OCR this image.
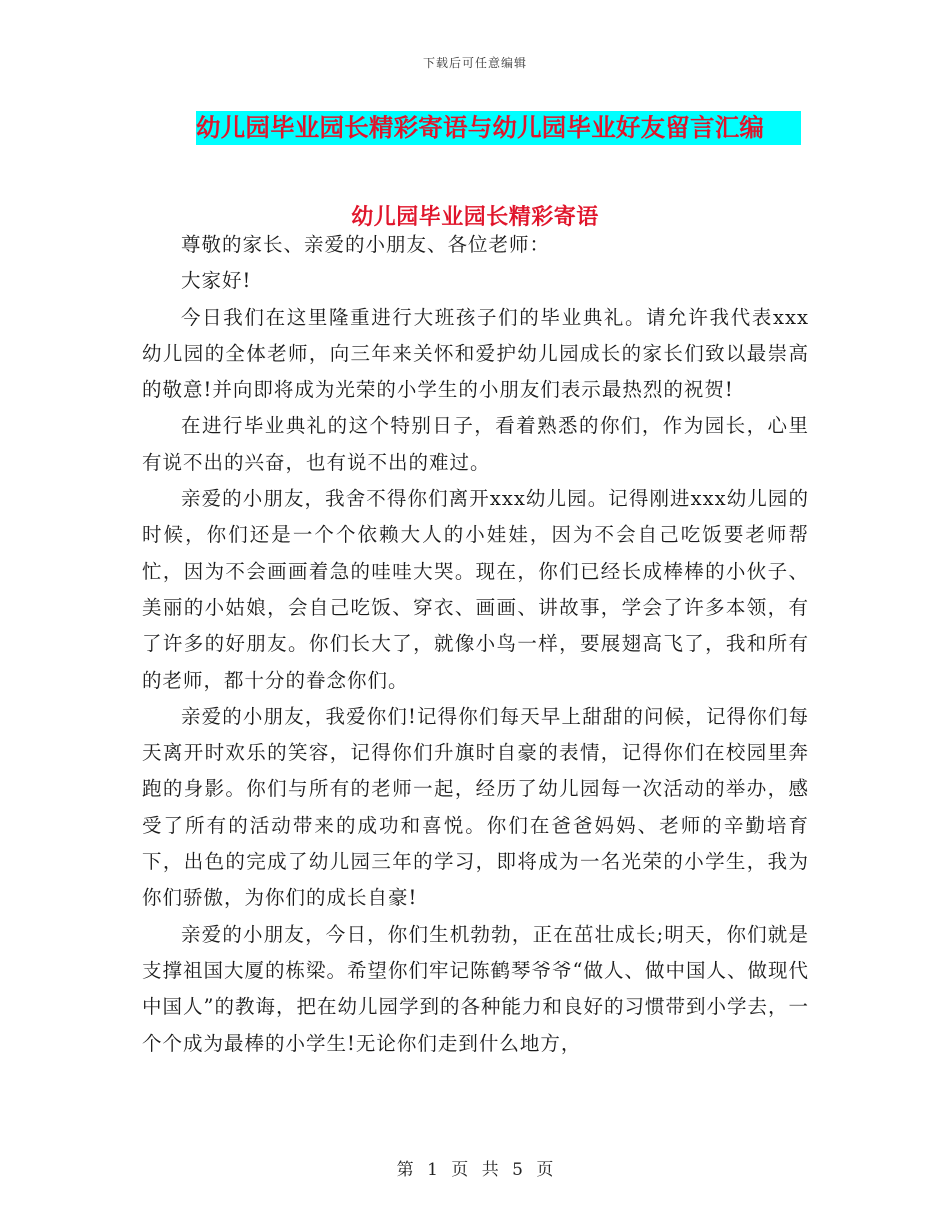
下载后可任意编辑
幼儿园毕业园长精彩寄语与幼儿园毕业好友留言汇编
幼儿园毕业园长精彩寄语

尊敬的家长、亲爱的小朋友、各位老师：

大家好!

今日我们在这里隆重进行大班孩子们的毕业典礼。请允许我代表xxx幼儿园的全体老师，向三年来关怀和爱护幼儿园成长的家长们致以最崇高的敬意!并向即将成为光荣的小学生的小朋友们表示最热烈的祝贺!

在进行毕业典礼的这个特别日子，看着熟悉的你们，作为园长，心里有说不出的兴奋，也有说不出的难过。

亲爱的小朋友，我舍不得你们离开xxx幼儿园。记得刚进xxx幼儿园的时候，你们还是一个个依赖大人的小娃娃，因为不会自己吃饭要老师帮忙，因为不会画画着急的哇哇大哭。现在，你们已经长成棒棒的小伙子、美丽的小姑娘，会自己吃饭、穿衣、画画、讲故事，学会了许多本领，有了许多的好朋友。你们长大了，就像小鸟一样，要展翅高飞了，我和所有的老师，都十分的眷念你们。

亲爱的小朋友，我爱你们!记得你们每天早上甜甜的问候，记得你们每天离开时欢乐的笑容，记得你们升旗时自豪的表情，记得你们在校园里奔跑的身影。你们与所有的老师一起，经历了幼儿园每一次活动的举办，感受了所有的活动带来的成功和喜悦。你们在爸爸妈妈、老师的辛勤培育下，出色的完成了幼儿园三年的学习，即将成为一名光荣的小学生，我为你们骄傲，为你们的成长自豪!

亲爱的小朋友，今日，你们生机勃勃，正在茁壮成长;明天，你们就是支撑祖国大厦的栋梁。希望你们牢记陈鹤琴爷爷“做人、做中国人、做现代中国人”的教诲，把在幼儿园学到的各种能力和良好的习惯带到小学去，一个个成为最棒的小学生!无论你们走到什么地方，

第 1 页 共 5 页
